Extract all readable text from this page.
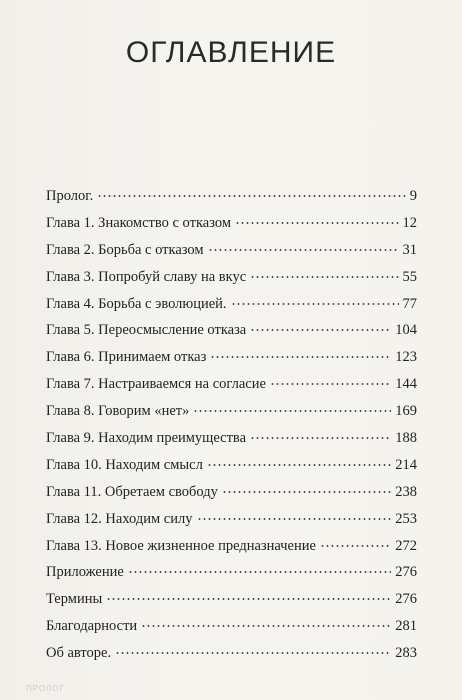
ОГЛАВЛЕНИЕ
Пролог.	9
Глава 1. Знакомство с отказом	12
Глава 2. Борьба с отказом	31
Глава 3. Попробуй славу на вкус	55
Глава 4. Борьба с эволюцией.	77
Глава 5. Переосмысление отказа	104
Глава 6. Принимаем отказ	123
Глава 7. Настраиваемся на согласие	144
Глава 8. Говорим «нет»	169
Глава 9. Находим преимущества	188
Глава 10. Находим смысл	214
Глава 11. Обретаем свободу	238
Глава 12. Находим силу	253
Глава 13. Новое жизненное предназначение	272
Приложение	276
Термины	276
Благодарности	281
Об авторе.	283
ПРОЛОГ
